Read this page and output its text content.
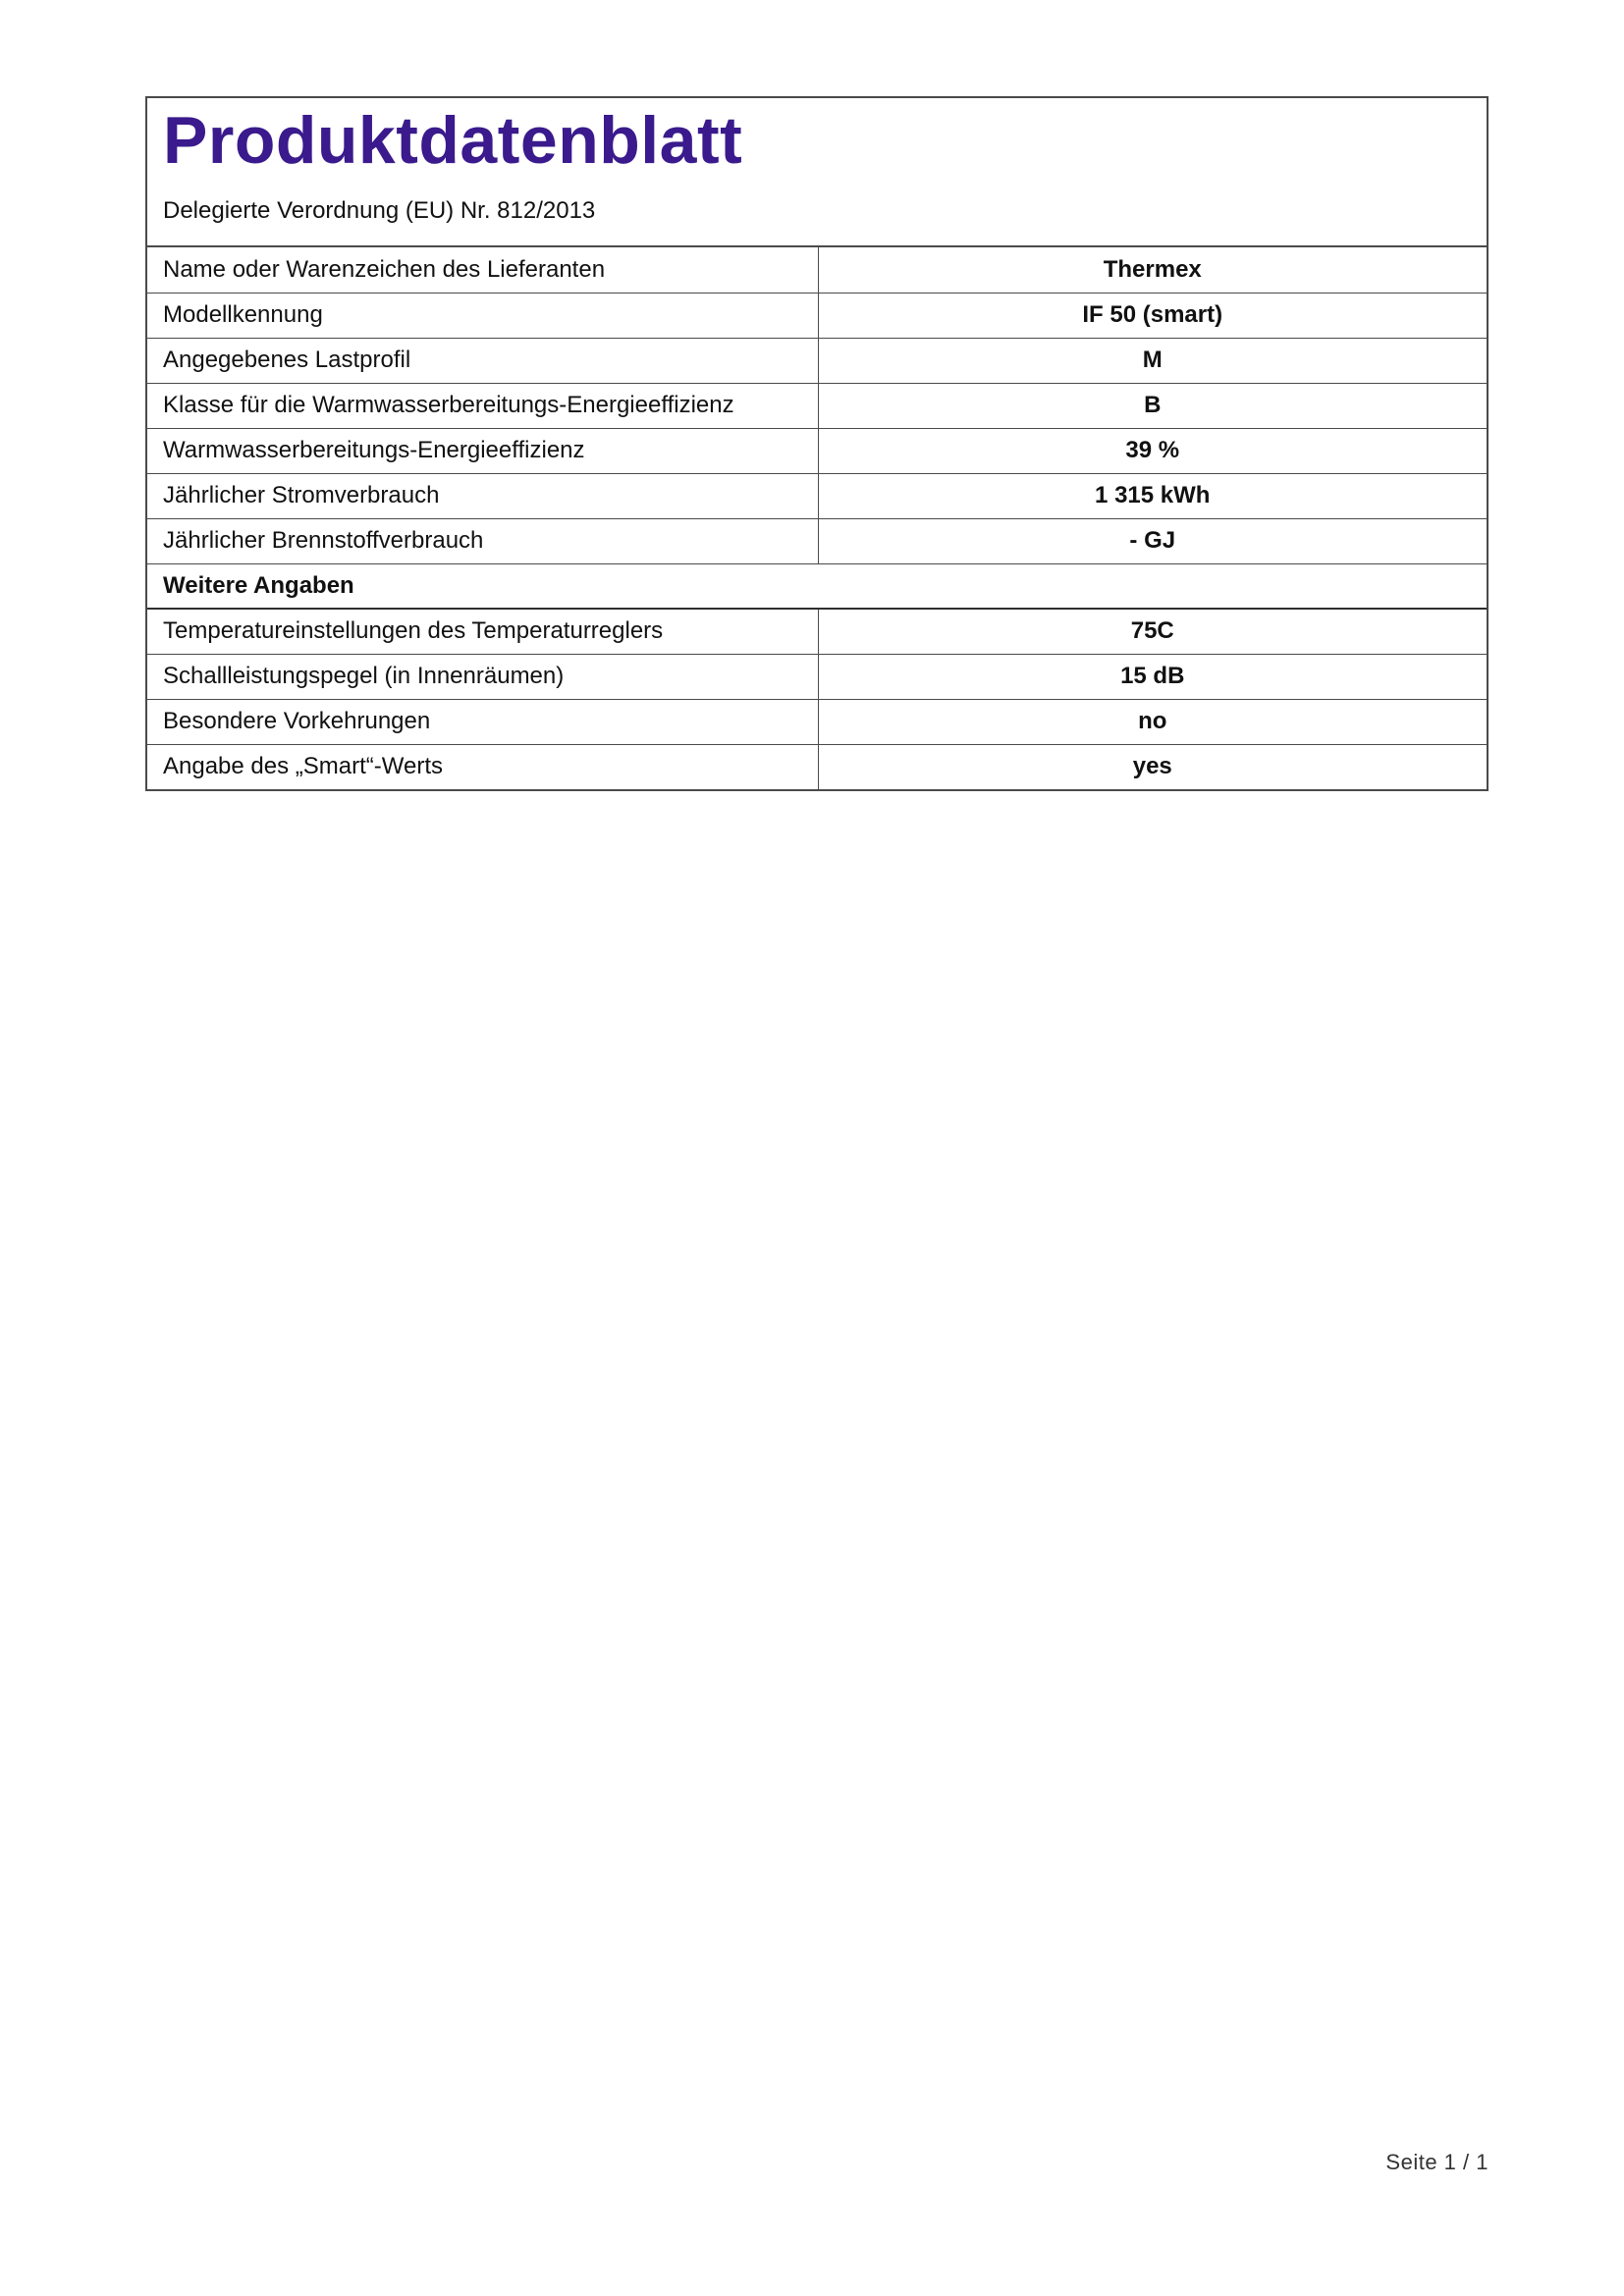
Produktdatenblatt
Delegierte Verordnung (EU) Nr. 812/2013
Name oder Warenzeichen des Lieferanten	Thermex
Modellkennung	IF 50 (smart)
Angegebenes Lastprofil	M
Klasse für die Warmwasserbereitungs-Energieeffizienz	B
Warmwasserbereitungs-Energieeffizienz	39 %
Jährlicher Stromverbrauch	1 315 kWh
Jährlicher Brennstoffverbrauch	- GJ
Weitere Angaben	
Temperatureinstellungen des Temperaturreglers	75C
Schallleistungspegel (in Innenräumen)	15 dB
Besondere Vorkehrungen	no
Angabe des „Smart“-Werts	yes
Seite 1 / 1
